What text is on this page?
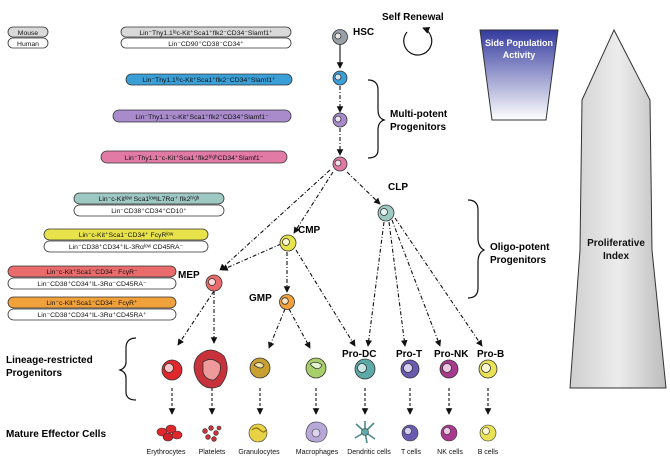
Mouse
Human
Lin⁻Thy1.1ˡᵒc-Kit⁺Sca1⁺flk2⁻CD34⁻Slamf1⁺
Lin⁻CD90⁺CD38⁻CD34⁺
Lin⁻Thy1.1ˡᵒc-Kit⁺Sca1⁺flk2⁻CD34⁺Slamf1⁺
Lin⁻Thy1.1⁻c-Kit⁺Sca1⁺flk2⁺CD34⁺Slamf1⁻
Lin⁻Thy1.1⁻c-Kit⁺Sca1⁺flk2ʰⁱᵍʰCD34⁺Slamf1⁻
Lin⁻c-Kitˡᵒʷ Sca1ˡᵒʷIL7Rα⁺ flk2ʰⁱᵍʰ
Lin⁻CD38⁺CD34⁺CD10⁺
Lin⁻c-Kit⁺Sca1⁻CD34⁺ FcγRˡᵒʷ
Lin⁻CD38⁺CD34⁺IL-3Rαˡᵒʷ CD45RA⁻
Lin⁻c-Kit⁺Sca1⁻CD34⁻ FcγR⁻
Lin⁻CD38⁺CD34⁺IL-3Rα⁻CD45RA⁻
Lin⁻c-Kit⁺Sca1⁻CD34⁻ FcγR⁺
Lin⁻CD38⁺CD34⁺IL-3Rα⁺CD45RA⁺
Self Renewal
HSC
CLP
CMP
MEP
GMP
Pro-DC Pro-T Pro-NK Pro-B
Erythrocytes Platelets Granulocytes Macrophages Dendritic cells T cells NK cells B cells
Multi-potent
Progenitors
Oligo-potent
Progenitors
Lineage-restricted
Progenitors
Mature Effector Cells
Side Population
Activity
Proliferative
Index
